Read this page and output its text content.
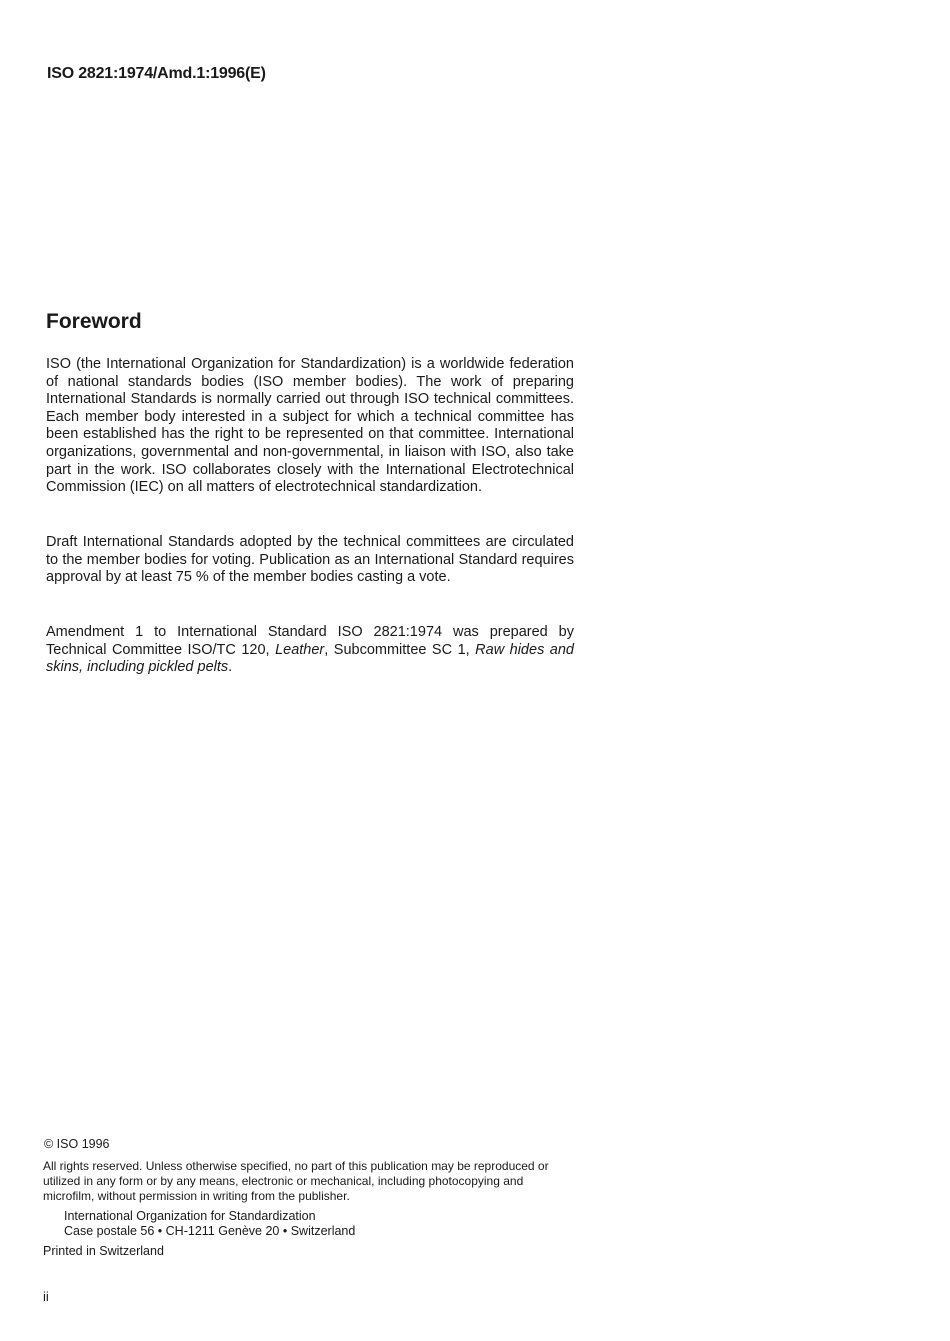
ISO 2821:1974/Amd.1:1996(E)
Foreword

ISO (the International Organization for Standardization) is a worldwide federation of national standards bodies (ISO member bodies). The work of preparing International Standards is normally carried out through ISO technical committees. Each member body interested in a subject for which a technical committee has been established has the right to be represented on that committee. International organizations, governmental and non-governmental, in liaison with ISO, also take part in the work. ISO collaborates closely with the International Electrotechnical Commission (IEC) on all matters of electrotechnical standardization.

Draft International Standards adopted by the technical committees are circulated to the member bodies for voting. Publication as an International Standard requires approval by at least 75 % of the member bodies casting a vote.

Amendment 1 to International Standard ISO 2821:1974 was prepared by Technical Committee ISO/TC 120, Leather, Subcommittee SC 1, Raw hides and skins, including pickled pelts.

© ISO 1996

All rights reserved. Unless otherwise specified, no part of this publication may be reproduced or utilized in any form or by any means, electronic or mechanical, including photocopying and microfilm, without permission in writing from the publisher.

International Organization for Standardization
Case postale 56 • CH-1211 Genève 20 • Switzerland
Printed in Switzerland
ii
